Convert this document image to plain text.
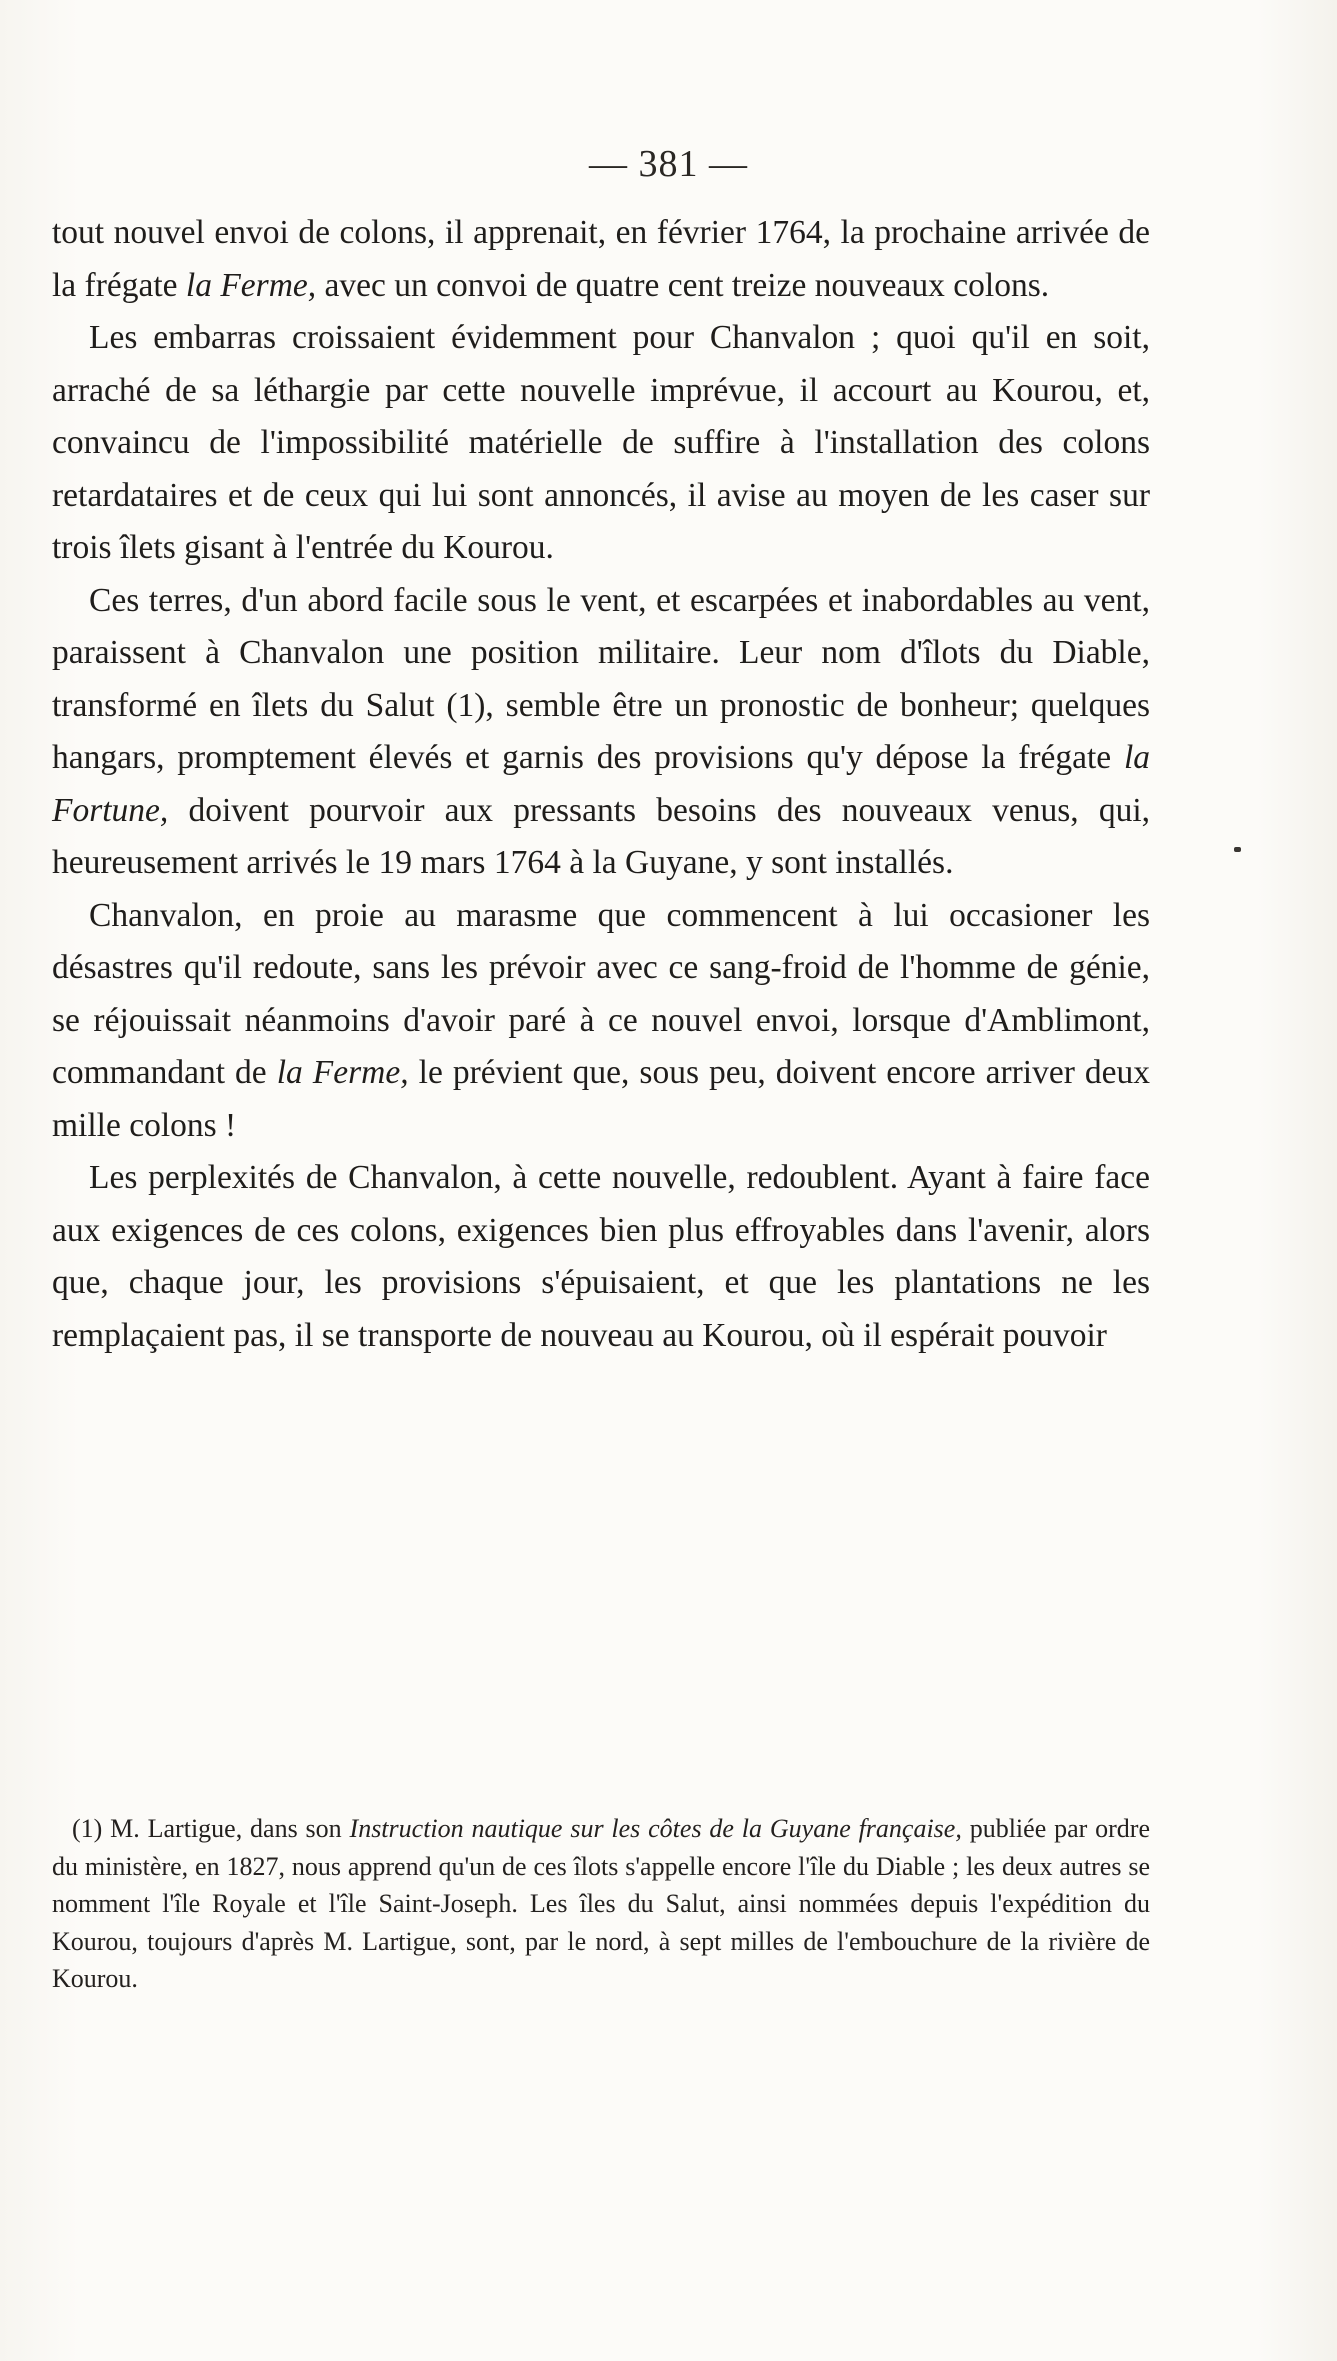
— 381 —

tout nouvel envoi de colons, il apprenait, en février 1764, la prochaine arrivée de la frégate la Ferme, avec un convoi de quatre cent treize nouveaux colons.

Les embarras croissaient évidemment pour Chanvalon ; quoi qu'il en soit, arraché de sa léthargie par cette nouvelle imprévue, il accourt au Kourou, et, convaincu de l'impossibilité matérielle de suffire à l'installation des colons retardataires et de ceux qui lui sont annoncés, il avise au moyen de les caser sur trois îlets gisant à l'entrée du Kourou.

Ces terres, d'un abord facile sous le vent, et escarpées et inabordables au vent, paraissent à Chanvalon une position militaire. Leur nom d'îlots du Diable, transformé en îlets du Salut (1), semble être un pronostic de bonheur; quelques hangars, promptement élevés et garnis des provisions qu'y dépose la frégate la Fortune, doivent pourvoir aux pressants besoins des nouveaux venus, qui, heureusement arrivés le 19 mars 1764 à la Guyane, y sont installés.

Chanvalon, en proie au marasme que commencent à lui occasioner les désastres qu'il redoute, sans les prévoir avec ce sang-froid de l'homme de génie, se réjouissait néanmoins d'avoir paré à ce nouvel envoi, lorsque d'Amblimont, commandant de la Ferme, le prévient que, sous peu, doivent encore arriver deux mille colons !

Les perplexités de Chanvalon, à cette nouvelle, redoublent. Ayant à faire face aux exigences de ces colons, exigences bien plus effroyables dans l'avenir, alors que, chaque jour, les provisions s'épuisaient, et que les plantations ne les remplaçaient pas, il se transporte de nouveau au Kourou, où il espérait pouvoir

(1) M. Lartigue, dans son Instruction nautique sur les côtes de la Guyane française, publiée par ordre du ministère, en 1827, nous apprend qu'un de ces îlots s'appelle encore l'île du Diable ; les deux autres se nomment l'île Royale et l'île Saint-Joseph. Les îles du Salut, ainsi nommées depuis l'expédition du Kourou, toujours d'après M. Lartigue, sont, par le nord, à sept milles de l'embouchure de la rivière de Kourou.
